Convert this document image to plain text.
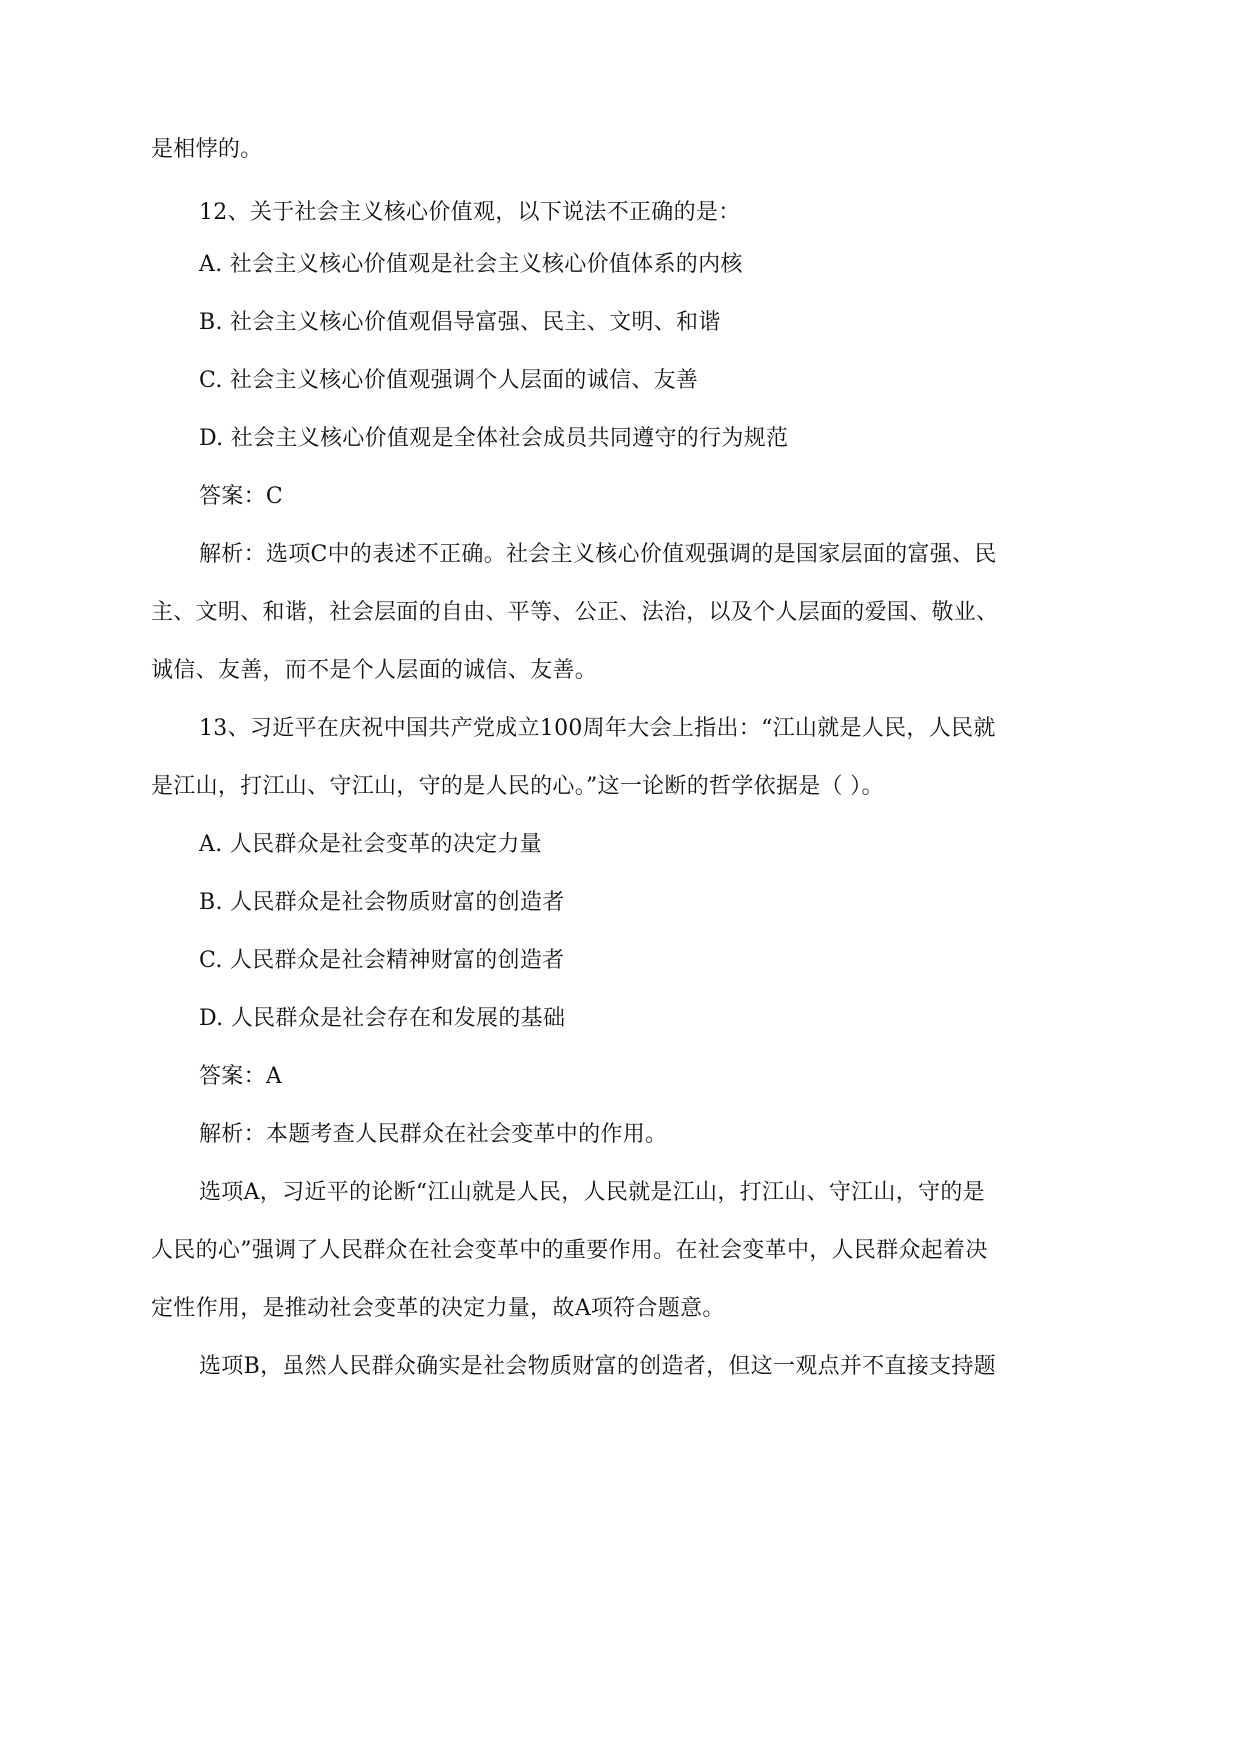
是相悖的。
12、关于社会主义核心价值观，以下说法不正确的是：
A. 社会主义核心价值观是社会主义核心价值体系的内核
B. 社会主义核心价值观倡导富强、民主、文明、和谐
C. 社会主义核心价值观强调个人层面的诚信、友善
D. 社会主义核心价值观是全体社会成员共同遵守的行为规范
答案：C
解析：选项C中的表述不正确。社会主义核心价值观强调的是国家层面的富强、民
主、文明、和谐，社会层面的自由、平等、公正、法治，以及个人层面的爱国、敬业、
诚信、友善，而不是个人层面的诚信、友善。
13、习近平在庆祝中国共产党成立100周年大会上指出：“江山就是人民，人民就
是江山，打江山、守江山，守的是人民的心。”这一论断的哲学依据是（ ）。
A. 人民群众是社会变革的决定力量
B. 人民群众是社会物质财富的创造者
C. 人民群众是社会精神财富的创造者
D. 人民群众是社会存在和发展的基础
答案：A
解析：本题考查人民群众在社会变革中的作用。
选项A，习近平的论断“江山就是人民，人民就是江山，打江山、守江山，守的是
人民的心”强调了人民群众在社会变革中的重要作用。在社会变革中，人民群众起着决
定性作用，是推动社会变革的决定力量，故A项符合题意。
选项B，虽然人民群众确实是社会物质财富的创造者，但这一观点并不直接支持题
